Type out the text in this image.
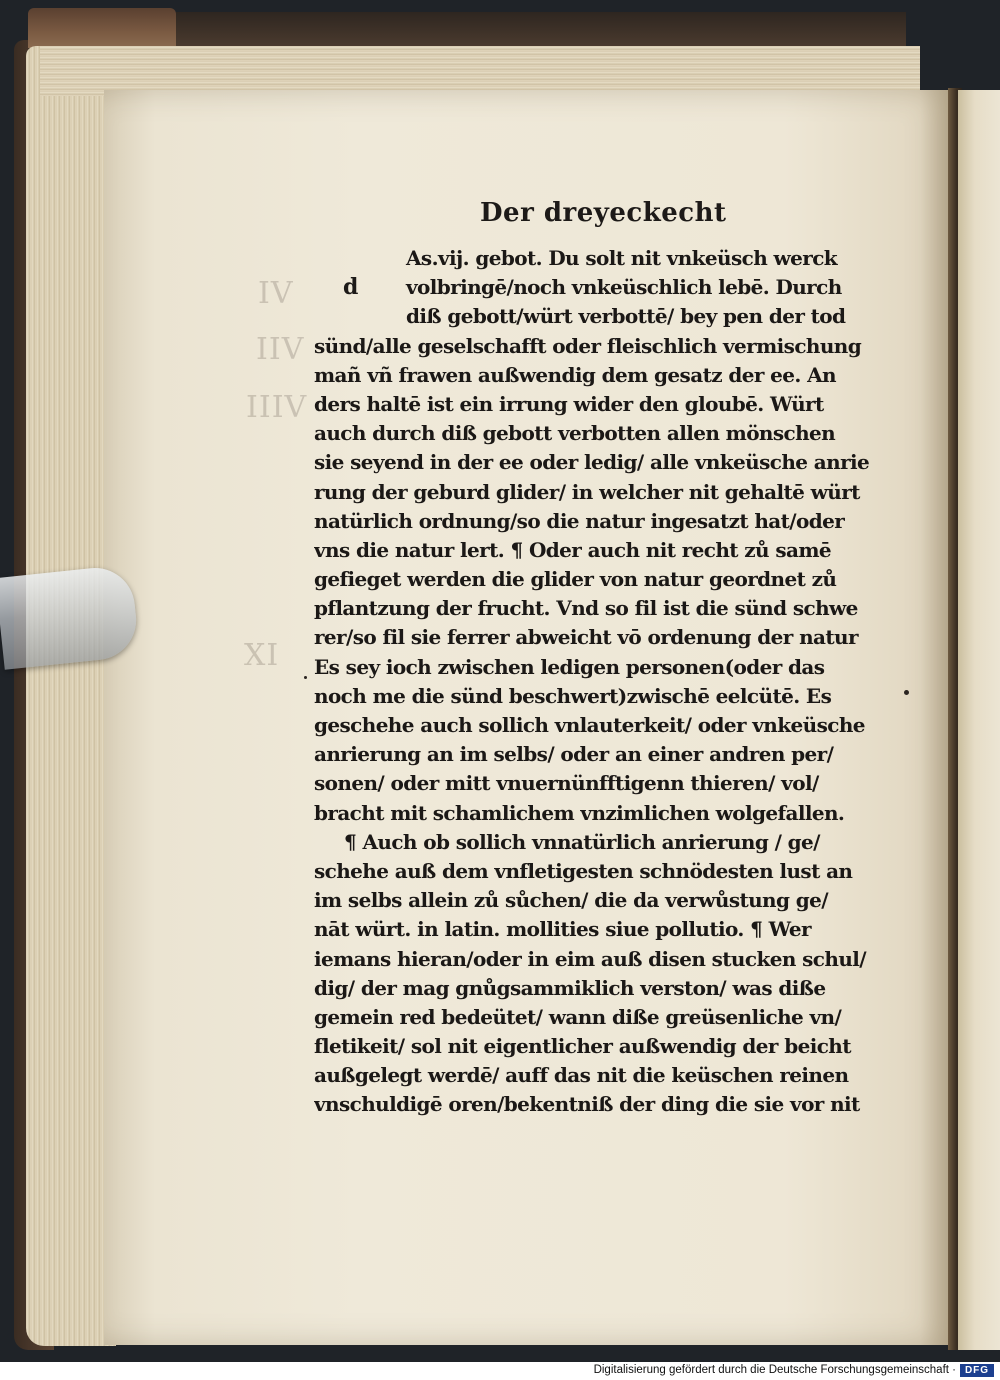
IV
IIV
IIIV
XI
Der dreyeckecht
d
As.vij. gebot. Du solt nit vnkeüsch werck
volbringē/noch vnkeüschlich lebē. Durch
diß gebott/würt verbottē/ bey pen der tod
sünd/alle geselschafft oder fleischlich vermischung
mañ vñ frawen außwendig dem gesatz der ee. An
ders haltē ist ein irrung wider den gloubē. Würt
auch durch diß gebott verbotten allen mönschen
sie seyend in der ee oder ledig/ alle vnkeüsche anrie
rung der geburd glider/ in welcher nit gehaltē würt
natürlich ordnung/so die natur ingesatzt hat/oder
vns die natur lert. ¶ Oder auch nit recht zů samē
gefieget werden die glider von natur geordnet zů
pflantzung der frucht. Vnd so fil ist die sünd schwe
rer/so fil sie ferrer abweicht vō ordenung der natur
Es sey ioch zwischen ledigen personen(oder das
noch me die sünd beschwert)zwischē eelcütē. Es
geschehe auch sollich vnlauterkeit/ oder vnkeüsche
anrierung an im selbs/ oder an einer andren per/
sonen/ oder mitt vnuernünfftigenn thieren/ vol/
bracht mit schamlichem vnzimlichen wolgefallen.
¶ Auch ob sollich vnnatürlich anrierung / ge/
schehe auß dem vnfletigesten schnödesten lust an
im selbs allein zů sůchen/ die da verwůstung ge/
nāt würt. in latin. mollities siue pollutio. ¶ Wer
iemans hieran/oder in eim auß disen stucken schul/
dig/ der mag gnůgsammiklich verston/ was diße
gemein red bedeütet/ wann diße greüsenliche vn/
fletikeit/ sol nit eigentlicher außwendig der beicht
außgelegt werdē/ auff das nit die keüschen reinen
vnschuldigē oren/bekentniß der ding die sie vor nit
Digitalisierung gefördert durch die Deutsche Forschungsgemeinschaft · DFG
